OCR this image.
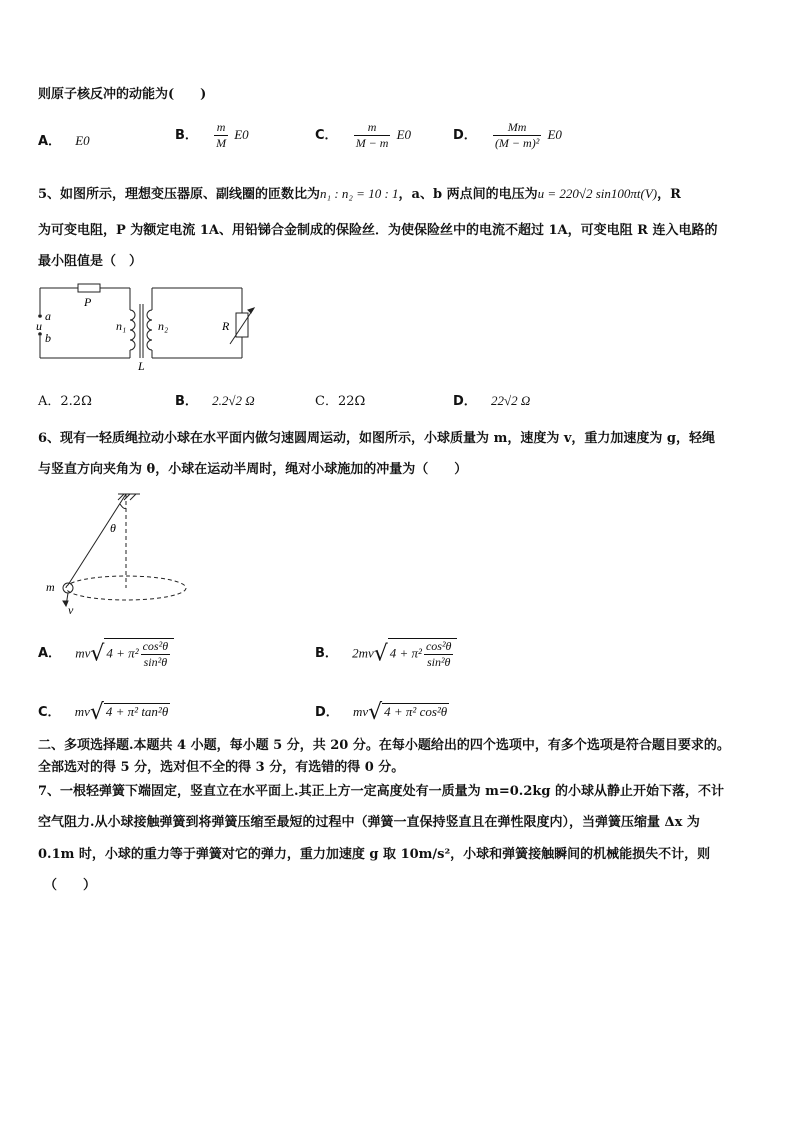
则原子核反冲的动能为(　　)
A． E0	B． $\frac{m}{M} E0$	C． $\frac{m}{M - m} E0$	D． $\frac{Mm}{\text{(M − m)²}} E0$
5、如图所示，理想变压器原、副线圈的匝数比为n₁ : n₂ = 10 : 1，a、b 两点间的电压为u = 220√2 sin100πt(V)，R
为可变电阻，P 为额定电流 1A、用铅锑合金制成的保险丝．为使保险丝中的电流不超过 1A，可变电阻 R 连入电路的
最小阻值是（　）
P
a
u
b
n₁	n₂
L
R
A．2.2Ω	B． 2.2√2 Ω	C．22Ω	D． 22√2 Ω
6、现有一轻质绳拉动小球在水平面内做匀速圆周运动，如图所示，小球质量为 m，速度为 v，重力加速度为 g，轻绳
与竖直方向夹角为 θ，小球在运动半周时，绳对小球施加的冲量为（　　）
θ
m
v
A． mv√ $4 + \pi^2 \frac{\text{cos²θ}}{\text{sin²θ}}$	B． 2mv√ $4 + \pi^2 \frac{\text{cos²θ}}{\text{sin²θ}}$
C． mv√ 4 + π² tan²θ	D． mv√ 4 + π² cos²θ
二、多项选择题.本题共 4 小题，每小题 5 分，共 20 分。在每小题给出的四个选项中，有多个选项是符合题目要求的。
全部选对的得 5 分，选对但不全的得 3 分，有选错的得 0 分。
7、一根轻弹簧下端固定，竖直立在水平面上.其正上方一定高度处有一质量为 m=0.2kg 的小球从静止开始下落，不计
空气阻力.从小球接触弹簧到将弹簧压缩至最短的过程中（弹簧一直保持竖直且在弹性限度内），当弹簧压缩量 Δx 为
0.1m 时，小球的重力等于弹簧对它的弹力，重力加速度 g 取 10m/s²，小球和弹簧接触瞬间的机械能损失不计，则
（　　）
